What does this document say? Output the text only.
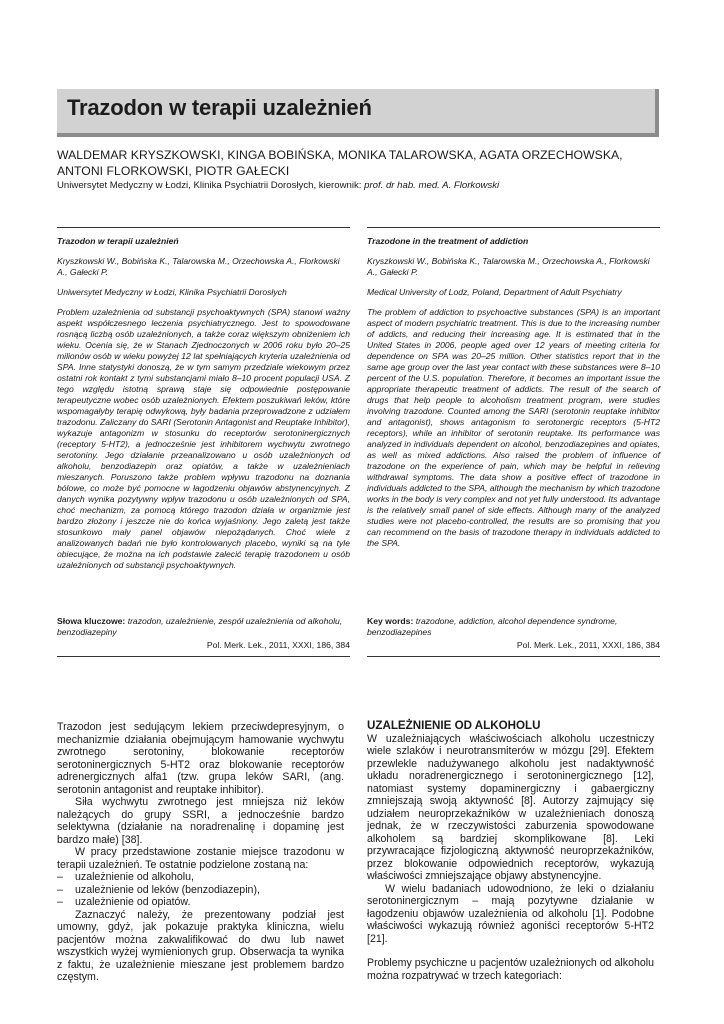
Trazodon w terapii uzależnień
WALDEMAR KRYSZKOWSKI, KINGA BOBIŃSKA, MONIKA TALAROWSKA, AGATA ORZECHOWSKA, ANTONI FLORKOWSKI, PIOTR GAŁECKI
Uniwersytet Medyczny w Łodzi, Klinika Psychiatrii Dorosłych, kierownik: prof. dr hab. med. A. Florkowski

Trazodon w terapii uzależnień

Kryszkowski W., Bobińska K., Talarowska M., Orzechowska A., Florkowski A., Gałecki P.

Uniwersytet Medyczny w Łodzi, Klinika Psychiatrii Dorosłych

Problem uzależnienia od substancji psychoaktywnych (SPA) stanowi ważny aspekt współczesnego leczenia psychiatrycznego. Jest to spowodowane rosnącą liczbą osób uzależnionych, a także coraz większym obniżeniem ich wieku. Ocenia się, że w Stanach Zjednoczonych w 2006 roku było 20–25 milionów osób w wieku powyżej 12 lat spełniających kryteria uzależnienia od SPA. Inne statystyki donoszą, że w tym samym przedziale wiekowym przez ostatni rok kontakt z tymi substancjami miało 8–10 procent populacji USA. Z tego względu istotną sprawą staje się odpowiednie postępowanie terapeutyczne wobec osób uzależnionych. Efektem poszukiwań leków, które wspomagałyby terapię odwykową, były badania przeprowadzone z udziałem trazodonu. Zaliczany do SARI (Serotonin Antagonist and Reuptake Inhibitor), wykazuje antagonizm w stosunku do receptorów serotoninergicznych (receptory 5-HT2), a jednocześnie jest inhibitorem wychwytu zwrotnego serotoniny. Jego działanie przeanalizowano u osób uzależnionych od alkoholu, benzodiazepin oraz opiatów, a także w uzależnieniach mieszanych. Poruszono także problem wpływu trazodonu na doznania bólowe, co może być pomocne w łagodzeniu objawów abstynencyjnych. Z danych wynika pozytywny wpływ trazodonu u osób uzależnionych od SPA, choć mechanizm, za pomocą którego trazodon działa w organizmie jest bardzo złożony i jeszcze nie do końca wyjaśniony. Jego zaletą jest także stosunkowo mały panel objawów niepożądanych. Choć wiele z analizowanych badań nie było kontrolowanych placebo, wyniki są na tyle obiecujące, że można na ich podstawie zalecić terapię trazodonem u osób uzależnionych od substancji psychoaktywnych.

Trazodone in the treatment of addiction

Kryszkowski W., Bobińska K., Talarowska M., Orzechowska A., Florkowski A., Gałecki P.

Medical University of Lodz, Poland, Department of Adult Psychiatry

The problem of addiction to psychoactive substances (SPA) is an important aspect of modern psychiatric treatment. This is due to the increasing number of addicts, and reducing their increasing age. It is estimated that in the United States in 2006, people aged over 12 years of meeting criteria for dependence on SPA was 20–25 million. Other statistics report that in the same age group over the last year contact with these substances were 8–10 percent of the U.S. population. Therefore, it becomes an important issue the appropriate therapeutic treatment of addicts. The result of the search of drugs that help people to alcoholism treatment program, were studies involving trazodone. Counted among the SARI (serotonin reuptake inhibitor and antagonist), shows antagonism to serotonergic receptors (5-HT2 receptors), while an inhibitor of serotonin reuptake. Its performance was analyzed in individuals dependent on alcohol, benzodiazepines and opiates, as well as mixed addictions. Also raised the problem of influence of trazodone on the experience of pain, which may be helpful in relieving withdrawal symptoms. The data show a positive effect of trazodone in individuals addicted to the SPA, although the mechanism by which trazodone works in the body is very complex and not yet fully understood. Its advantage is the relatively small panel of side effects. Although many of the analyzed studies were not placebo-controlled, the results are so promising that you can recommend on the basis of trazodone therapy in individuals addicted to the SPA.

Słowa kluczowe: trazodon, uzależnienie, zespół uzależnienia od alkoholu, benzodiazepiny
Pol. Merk. Lek., 2011, XXXI, 186, 384
Key words: trazodone, addiction, alcohol dependence syndrome, benzodiazepines
Pol. Merk. Lek., 2011, XXXI, 186, 384

Trazodon jest sedującym lekiem przeciwdepresyjnym, o mechanizmie działania obejmującym hamowanie wychwytu zwrotnego serotoniny, blokowanie receptorów serotoninergicznych 5-HT2 oraz blokowanie receptorów adrenergicznych alfa1 (tzw. grupa leków SARI, (ang. serotonin antagonist and reuptake inhibitor).

Siła wychwytu zwrotnego jest mniejsza niż leków należących do grupy SSRI, a jednocześnie bardzo selektywna (działanie na noradrenalinę i dopaminę jest bardzo małe) [38].

W pracy przedstawione zostanie miejsce trazodonu w terapii uzależnień. Te ostatnie podzielone zostaną na:

–	uzależnienie od alkoholu,
–	uzależnienie od leków (benzodiazepin),
–	uzależnienie od opiatów.

Zaznaczyć należy, że prezentowany podział jest umowny, gdyż, jak pokazuje praktyka kliniczna, wielu pacjentów można zakwalifikować do dwu lub nawet wszystkich wyżej wymienionych grup. Obserwacja ta wynika z faktu, że uzależnienie mieszane jest problemem bardzo częstym.

UZALEŻNIENIE OD ALKOHOLU

W uzależniających właściwościach alkoholu uczestniczy wiele szlaków i neurotransmiterów w mózgu [29]. Efektem przewlekle nadużywanego alkoholu jest nadaktywność układu noradrenergicznego i serotoninergicznego [12], natomiast systemy dopaminergiczny i gabaergiczny zmniejszają swoją aktywność [8]. Autorzy zajmujący się udziałem neuroprzekaźników w uzależnieniach donoszą jednak, że w rzeczywistości zaburzenia spowodowane alkoholem są bardziej skomplikowane [8]. Leki przywracające fizjologiczną aktywność neuroprzekaźników, przez blokowanie odpowiednich receptorów, wykazują właściwości zmniejszające objawy abstynencyjne.

W wielu badaniach udowodniono, że leki o działaniu serotoninergicznym – mają pozytywne działanie w łagodzeniu objawów uzależnienia od alkoholu [1]. Podobne właściwości wykazują również agoniści receptorów 5-HT2 [21].

Problemy psychiczne u pacjentów uzależnionych od alkoholu można rozpatrywać w trzech kategoriach:
